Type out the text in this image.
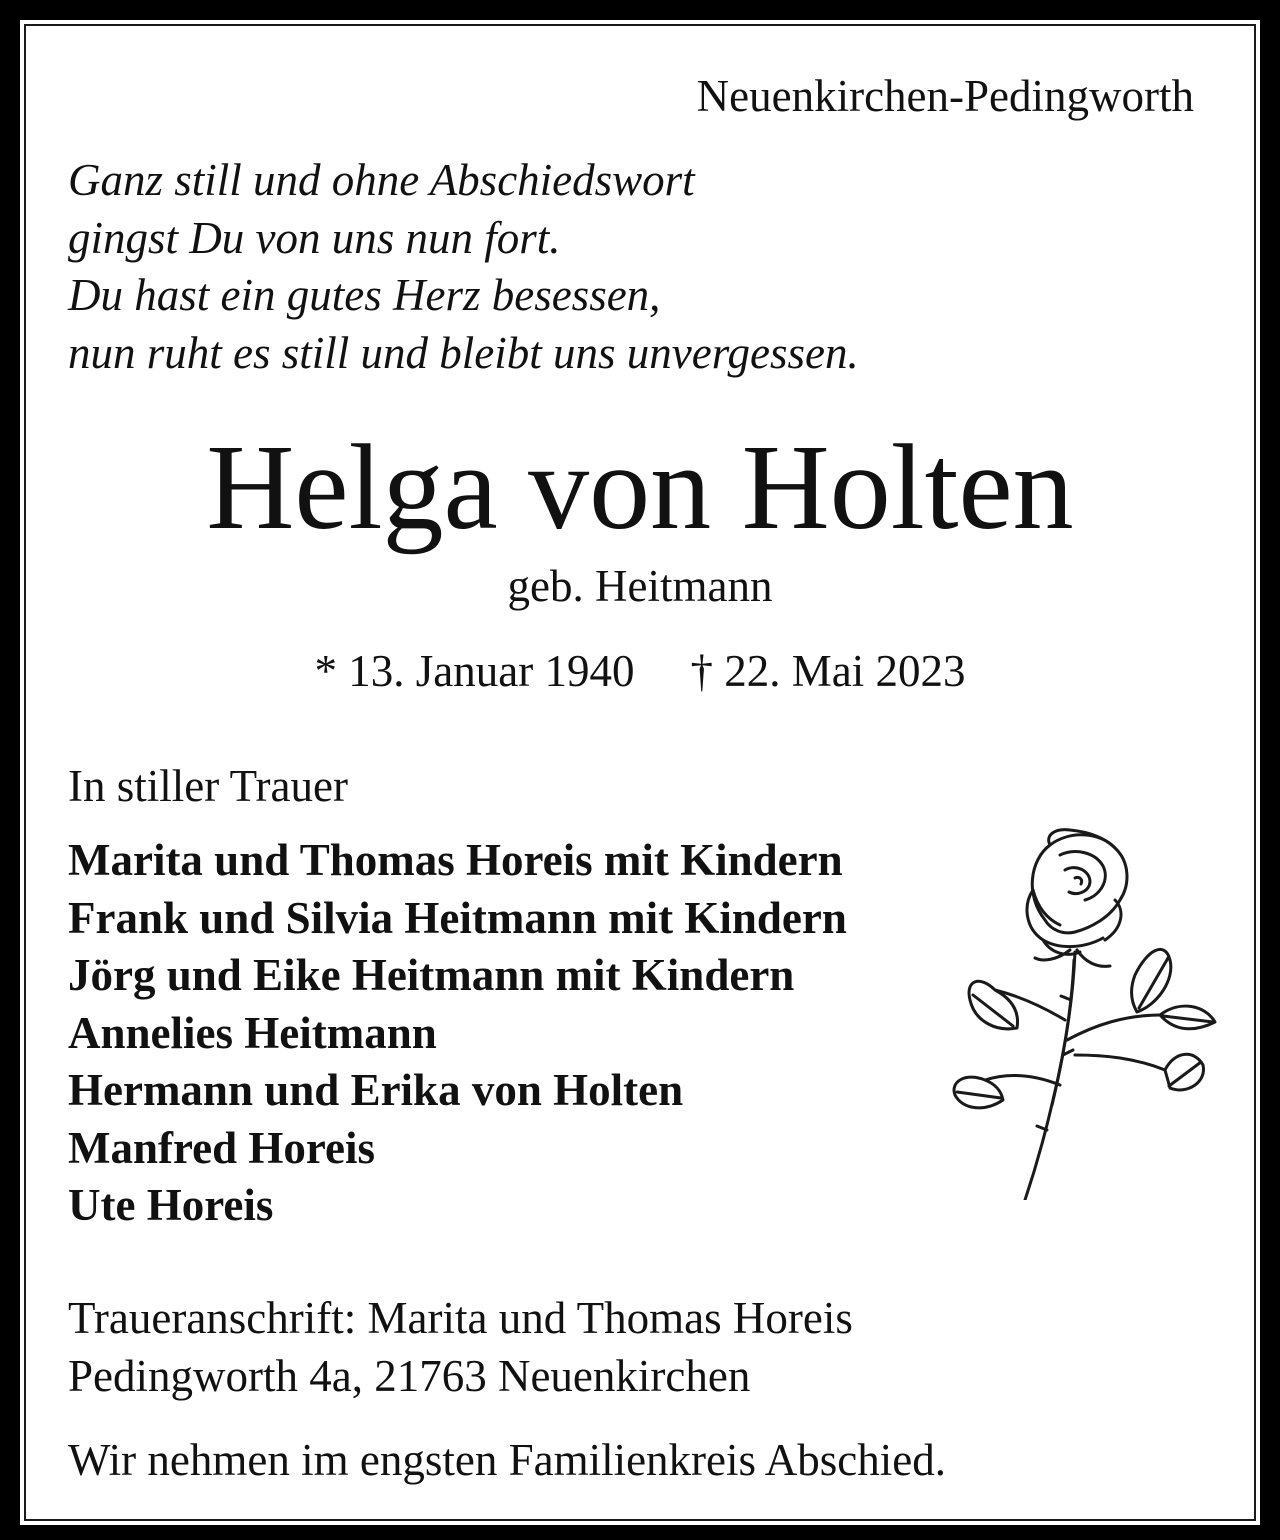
Neuenkirchen-Pedingworth
Ganz still und ohne Abschiedswort
gingst Du von uns nun fort.
Du hast ein gutes Herz besessen,
nun ruht es still und bleibt uns unvergessen.
Helga von Holten
geb. Heitmann
* 13. Januar 1940 † 22. Mai 2023
In stiller Trauer
Marita und Thomas Horeis mit Kindern
Frank und Silvia Heitmann mit Kindern
Jörg und Eike Heitmann mit Kindern
Annelies Heitmann
Hermann und Erika von Holten
Manfred Horeis
Ute Horeis
Traueranschrift: Marita und Thomas Horeis
Pedingworth 4a, 21763 Neuenkirchen
Wir nehmen im engsten Familienkreis Abschied.
